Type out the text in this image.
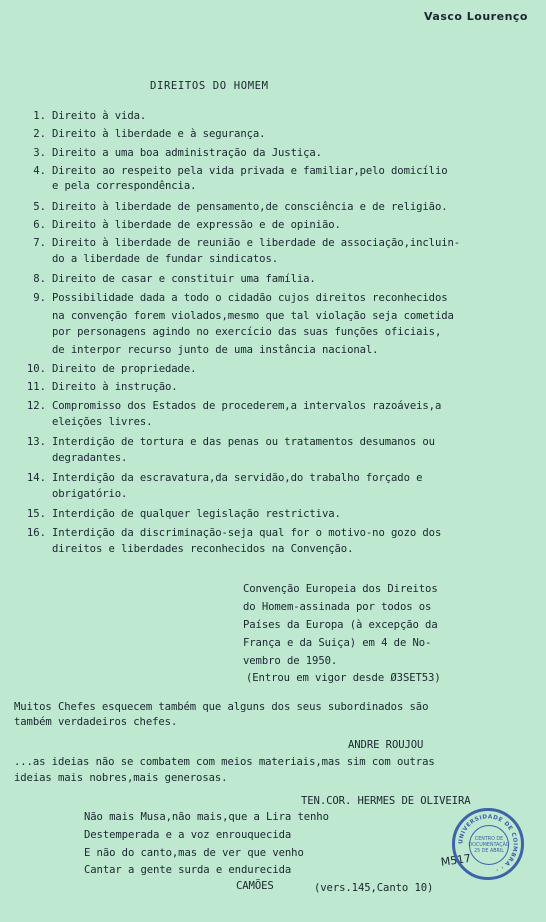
Vasco Lourenço
DIREITOS DO HOMEM
1. Direito à vida.
2. Direito à liberdade e à segurança.
3. Direito a uma boa administração da Justiça.
4. Direito ao respeito pela vida privada e familiar,pelo domicílio
e pela correspondência.
5. Direito à liberdade de pensamento,de consciência e de religião.
6. Direito à liberdade de expressão e de opinião.
7. Direito à liberdade de reunião e liberdade de associação,incluin-
do a liberdade de fundar sindicatos.
8. Direito de casar e constituir uma família.
9. Possibilidade dada a todo o cidadão cujos direitos reconhecidos
na convenção forem violados,mesmo que tal violação seja cometida
por personagens agindo no exercício das suas funções oficiais,
de interpor recurso junto de uma instância nacional.
10. Direito de propriedade.
11. Direito à instrução.
12. Compromisso dos Estados de procederem,a intervalos razoáveis,a
eleições livres.
13. Interdição de tortura e das penas ou tratamentos desumanos ou
degradantes.
14. Interdição da escravatura,da servidão,do trabalho forçado e
obrigatório.
15. Interdição de qualquer legislação restrictiva.
16. Interdição da discriminação-seja qual for o motivo-no gozo dos
direitos e liberdades reconhecidos na Convenção.
Convenção Europeia dos Direitos
do Homem-assinada por todos os
Países da Europa (à excepção da
França e da Suiça) em 4 de No-
vembro de 1950.
(Entrou em vigor desde Ø3SET53)
Muitos Chefes esquecem também que alguns dos seus subordinados são
também verdadeiros chefes.
ANDRE ROUJOU
...as ideias não se combatem com meios materiais,mas sim com outras
ideias mais nobres,mais generosas.
TEN.COR. HERMES DE OLIVEIRA
Não mais Musa,não mais,que a Lira tenho
Destemperada e a voz enrouquecida
E não do canto,mas de ver que venho
Cantar a gente surda e endurecida
CAMÕES	(vers.145,Canto 10)
M517
UNIVERSIDADE DE COIMBRA · ·
CENTRO DE
DOCUMENTAÇÃO
25 DE ABRIL
